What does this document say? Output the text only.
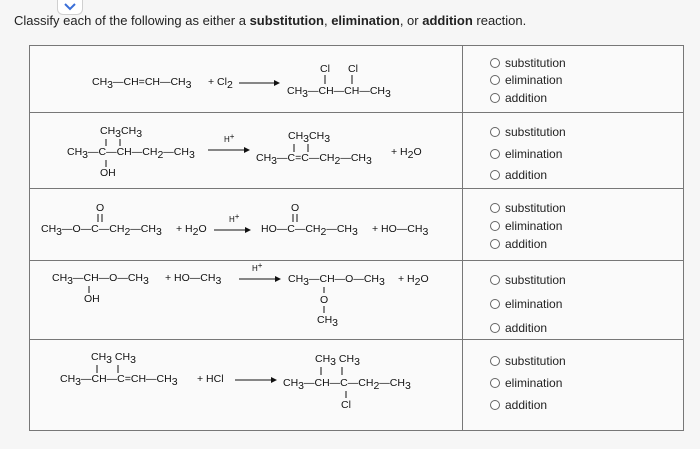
Classify each of the following as either a substitution, elimination, or addition reaction.
CH3—CH=CH—CH3 + Cl2
Cl Cl
CH3—CH—CH—CH3
substitution
elimination
addition
CH3CH3
CH3—C—CH—CH2—CH3
OH
H+	CH3CH3
CH3—C=C—CH2—CH3
+ H2O
substitution
elimination
addition
O
CH3—O—C—CH2—CH3 + H2O
H+
O
HO—C—CH2—CH3 + HO—CH3
substitution
elimination
addition
CH3—CH—O—CH3 + HO—CH3
OH
H+
CH3—CH—O—CH3 + H2O
O
CH3
substitution
elimination
addition
CH3 CH3
CH3—CH—C=CH—CH3 + HCl
CH3 CH3
CH3—CH—C—CH2—CH3
Cl
substitution
elimination
addition
